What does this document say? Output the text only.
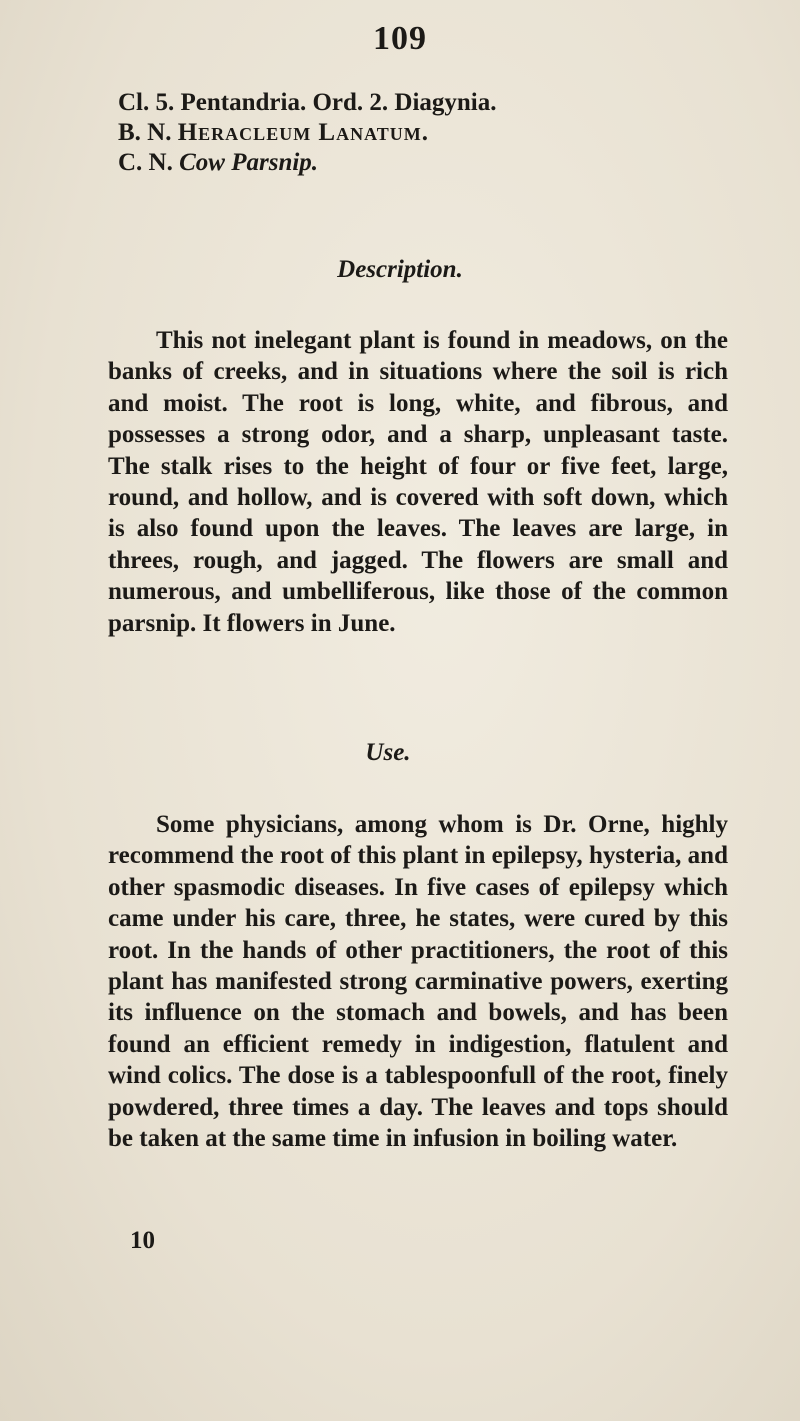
109
Cl. 5. Pentandria. Ord. 2. Diagynia.
B. N. Heracleum Lanatum.
C. N. Cow Parsnip.
Description.

This not inelegant plant is found in meadows, on the banks of creeks, and in situations where the soil is rich and moist. The root is long, white, and fibrous, and possesses a strong odor, and a sharp, unpleasant taste. The stalk rises to the height of four or five feet, large, round, and hollow, and is covered with soft down, which is also found upon the leaves. The leaves are large, in threes, rough, and jagged. The flowers are small and numerous, and umbelliferous, like those of the common parsnip. It flowers in June.

Use.

Some physicians, among whom is Dr. Orne, highly recommend the root of this plant in epilepsy, hysteria, and other spasmodic diseases. In five cases of epilepsy which came under his care, three, he states, were cured by this root. In the hands of other practitioners, the root of this plant has manifested strong carminative powers, exerting its influence on the stomach and bowels, and has been found an efficient remedy in indigestion, flatulent and wind colics. The dose is a tablespoonfull of the root, finely powdered, three times a day. The leaves and tops should be taken at the same time in infusion in boiling water.

10
